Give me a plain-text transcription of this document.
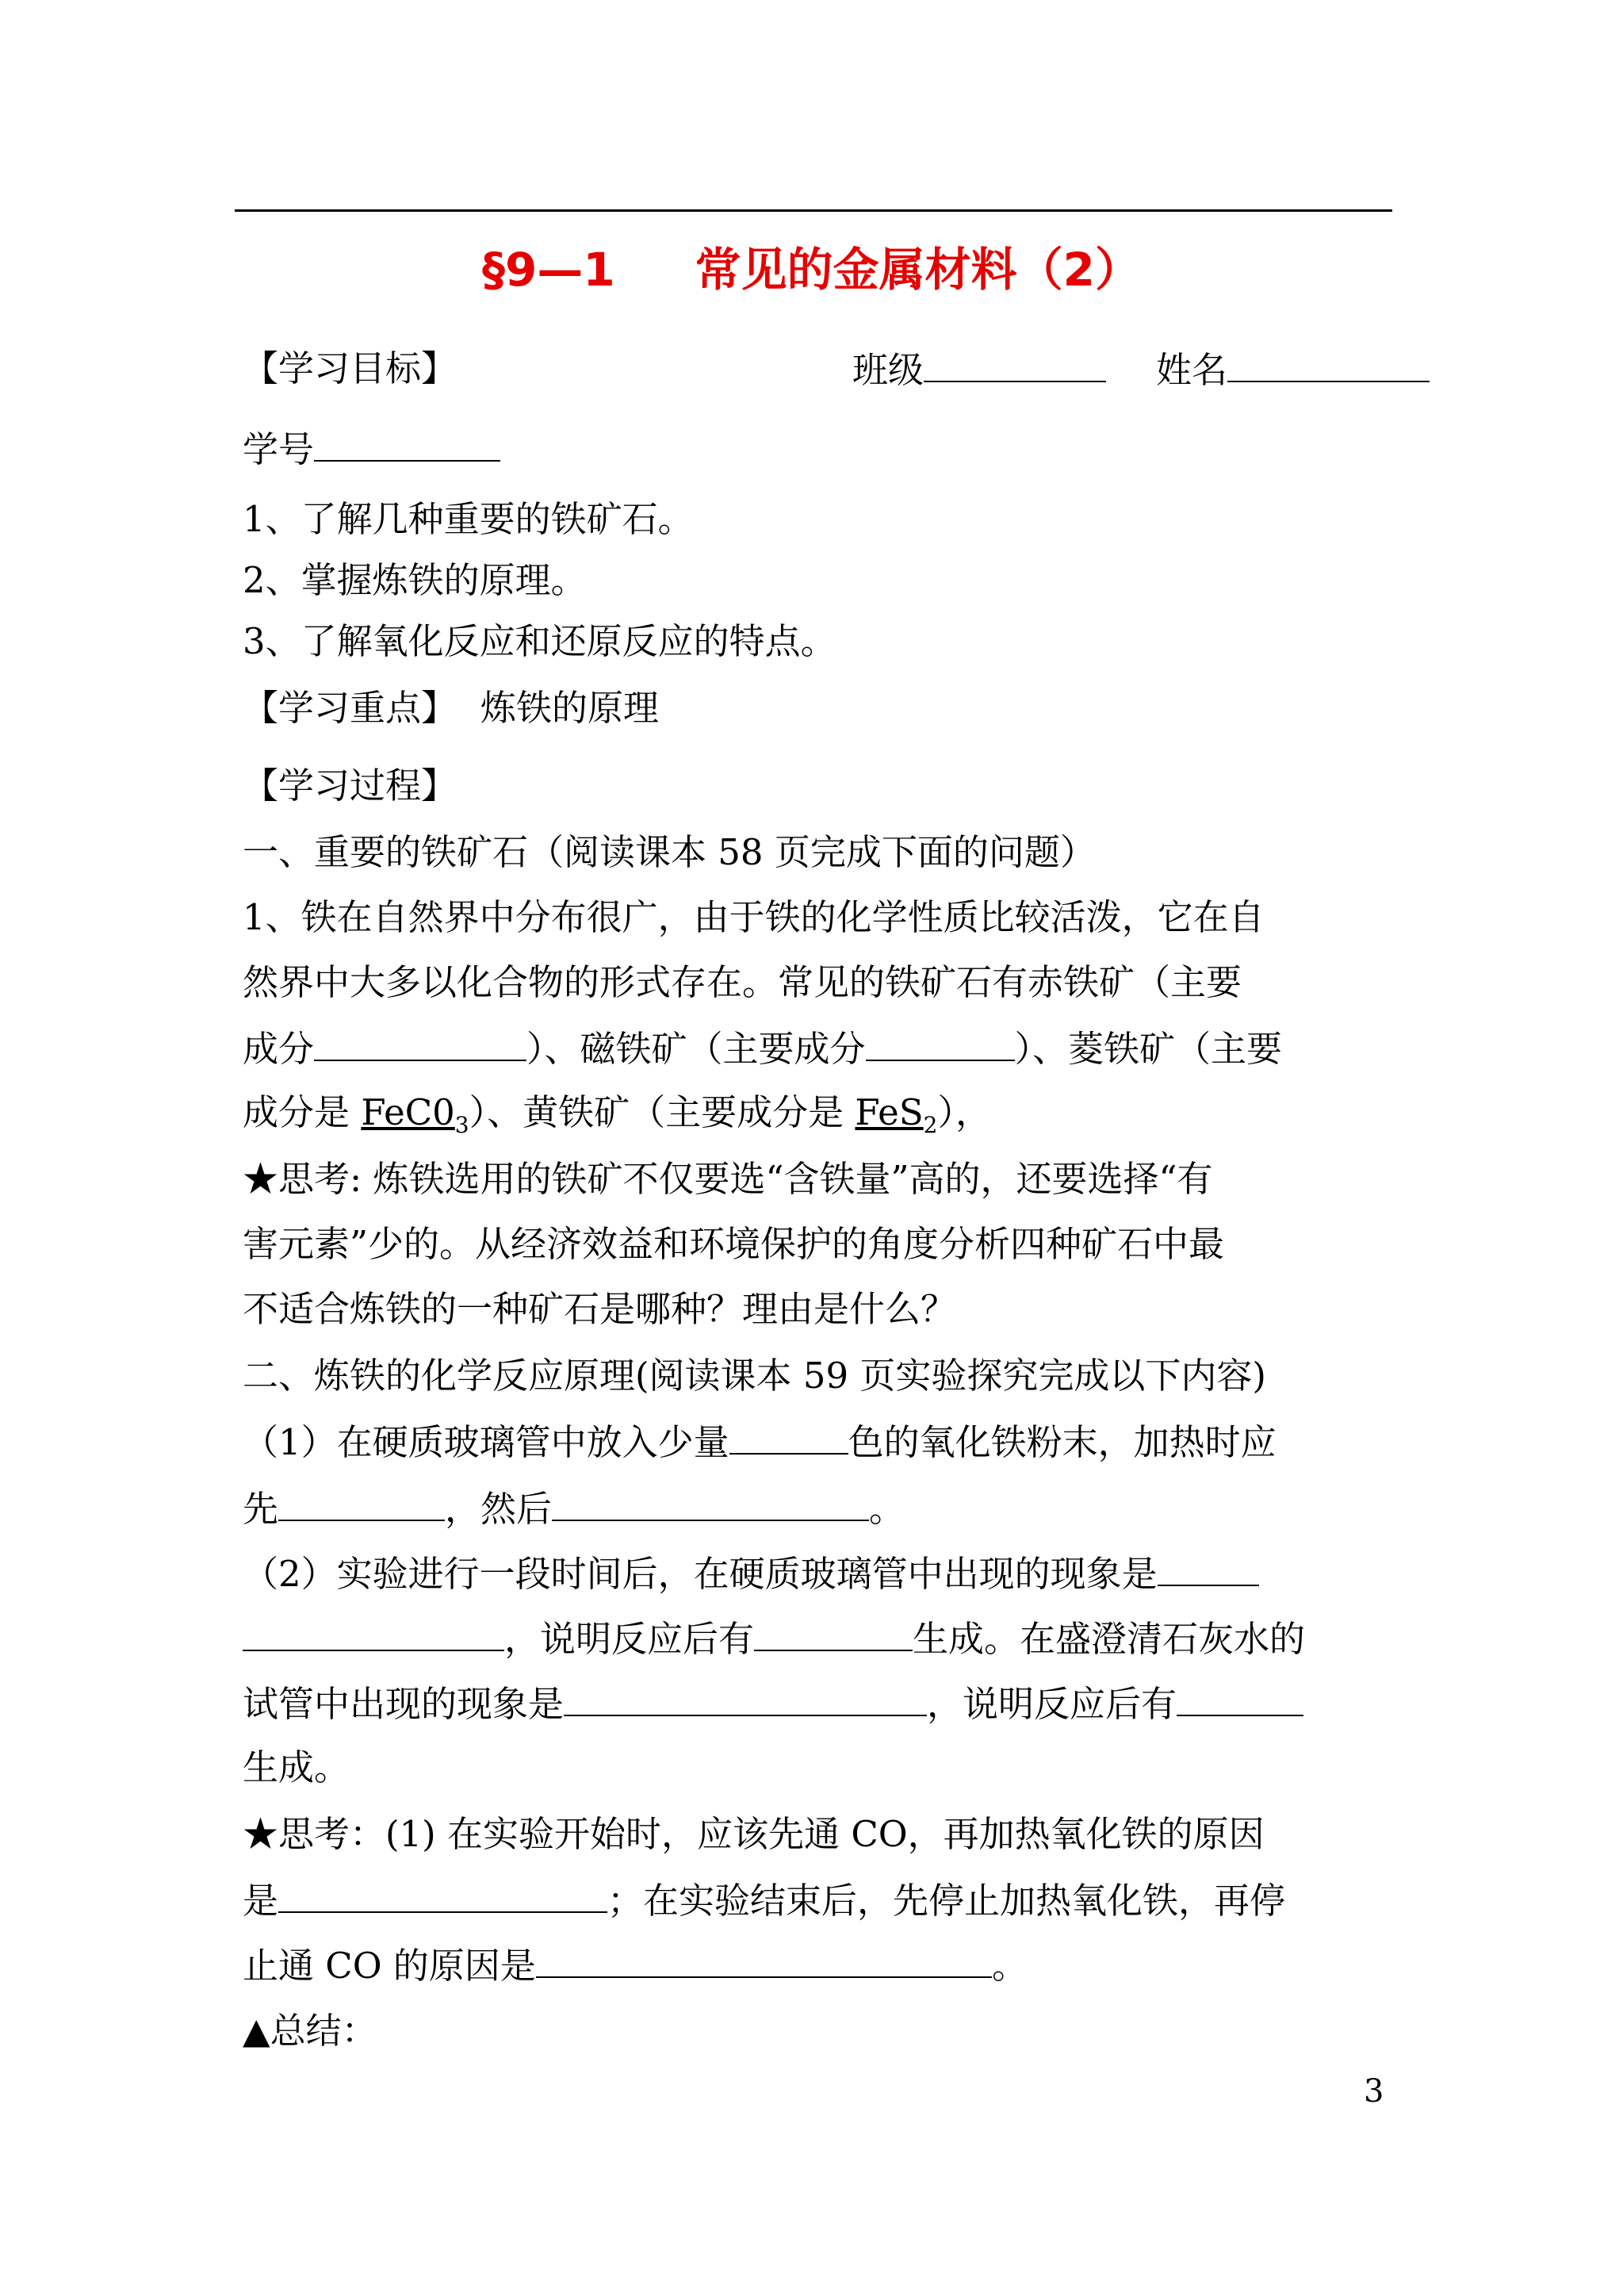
§9—1     常见的金属材料（2）
【学习目标】	班级	姓名
学号
1、了解几种重要的铁矿石。
2、掌握炼铁的原理。
3、了解氧化反应和还原反应的特点。
【学习重点】 炼铁的原理
【学习过程】
一、重要的铁矿石（阅读课本 58 页完成下面的问题）
1、铁在自然界中分布很广，由于铁的化学性质比较活泼，它在自
然界中大多以化合物的形式存在。常见的铁矿石有赤铁矿（主要
成分	）、磁铁矿（主要成分	）、菱铁矿（主要
成分是 $FeC0_3$）、黄铁矿（主要成分是 FeS$_2$），
★思考: 炼铁选用的铁矿不仅要选“含铁量”高的，还要选择“有
害元素”少的。从经济效益和环境保护的角度分析四种矿石中最
不适合炼铁的一种矿石是哪种？理由是什么？
二、炼铁的化学反应原理(阅读课本 59 页实验探究完成以下内容)
（1）在硬质玻璃管中放入少量	色的氧化铁粉末，加热时应
先	，然后	。
（2）实验进行一段时间后，在硬质玻璃管中出现的现象是
，说明反应后有	生成。在盛澄清石灰水的
试管中出现的现象是	，说明反应后有
生成。
★思考：(1) 在实验开始时，应该先通 CO，再加热氧化铁的原因
是	；在实验结束后，先停止加热氧化铁，再停
止通 CO 的原因是	。
▲总结：
3
